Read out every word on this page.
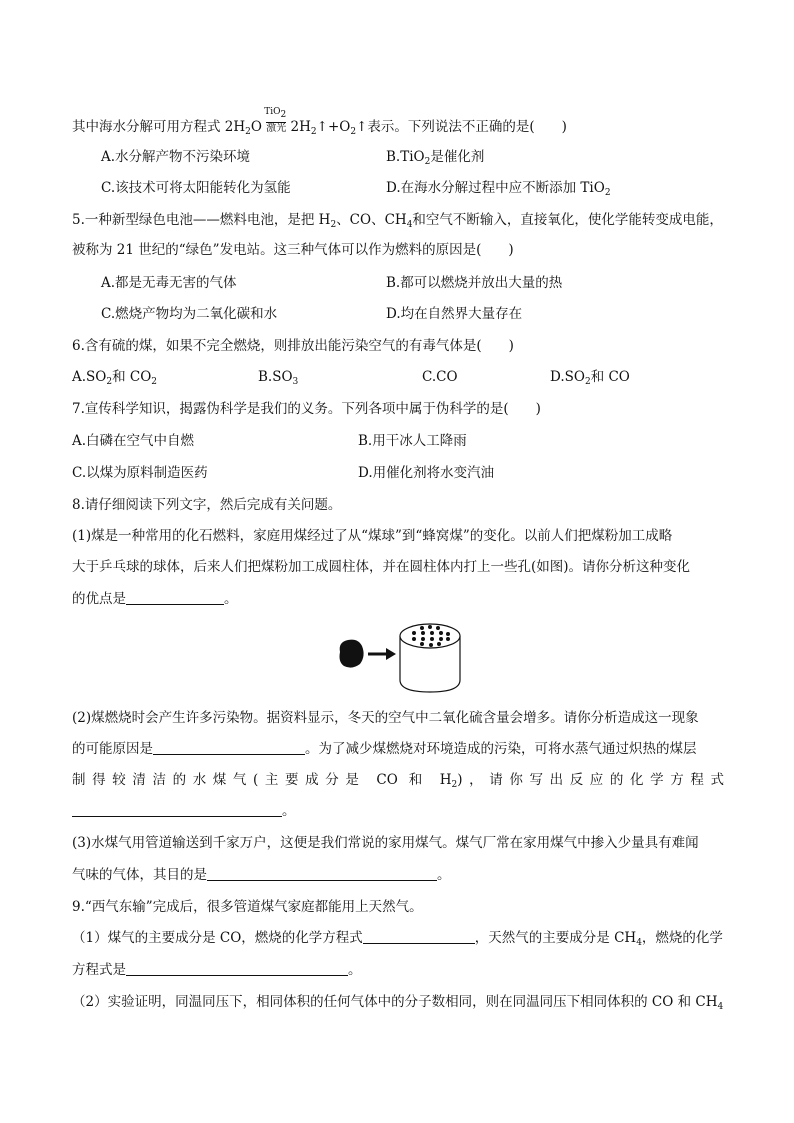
其中海水分解可用方程式 $2H_2O$
TiO$_2$
激光 $2H_2↑+O_2↑$表示。下列说法不正确的是(　　)
A.水分解产物不污染环境	B.TiO$_2$是催化剂
C.该技术可将太阳能转化为氢能	D.在海水分解过程中应不断添加 TiO$_2$
5.一种新型绿色电池——燃料电池，是把 $H_2$、CO、$CH_4$和空气不断输入，直接氧化，使化学能转变成电能，
被称为 21 世纪的“绿色”发电站。这三种气体可以作为燃料的原因是(　　)
A.都是无毒无害的气体	B.都可以燃烧并放出大量的热
C.燃烧产物均为二氧化碳和水	D.均在自然界大量存在
6.含有硫的煤，如果不完全燃烧，则排放出能污染空气的有毒气体是(　　)
$A.SO_2$和 $CO_2$	$B.SO_3$	C.CO	$D.SO_2$和 CO
7.宣传科学知识，揭露伪科学是我们的义务。下列各项中属于伪科学的是(　　)
A.白磷在空气中自燃	B.用干冰人工降雨
C.以煤为原料制造医药	D.用催化剂将水变汽油
8.请仔细阅读下列文字，然后完成有关问题。
(1)煤是一种常用的化石燃料，家庭用煤经过了从“煤球”到“蜂窝煤”的变化。以前人们把煤粉加工成略
大于乒乓球的球体，后来人们把煤粉加工成圆柱体，并在圆柱体内打上一些孔(如图)。请你分析这种变化
的优点是	。
(2)煤燃烧时会产生许多污染物。据资料显示，冬天的空气中二氧化硫含量会增多。请你分析造成这一现象
的可能原因是	。为了减少煤燃烧对环境造成的污染，可将水蒸气通过炽热的煤层
制得较清洁的水煤气(主要成分是 CO 和 $H_2$)，请你写出反应的化学方程式
。
(3)水煤气用管道输送到千家万户，这便是我们常说的家用煤气。煤气厂常在家用煤气中掺入少量具有难闻
气味的气体，其目的是	。
9.“西气东输”完成后，很多管道煤气家庭都能用上天然气。
（1）煤气的主要成分是 CO，燃烧的化学方程式	，天然气的主要成分是 $CH_4$，燃烧的化学
方程式是	。
（2）实验证明，同温同压下，相同体积的任何气体中的分子数相同，则在同温同压下相同体积的 CO 和 $CH_4$
